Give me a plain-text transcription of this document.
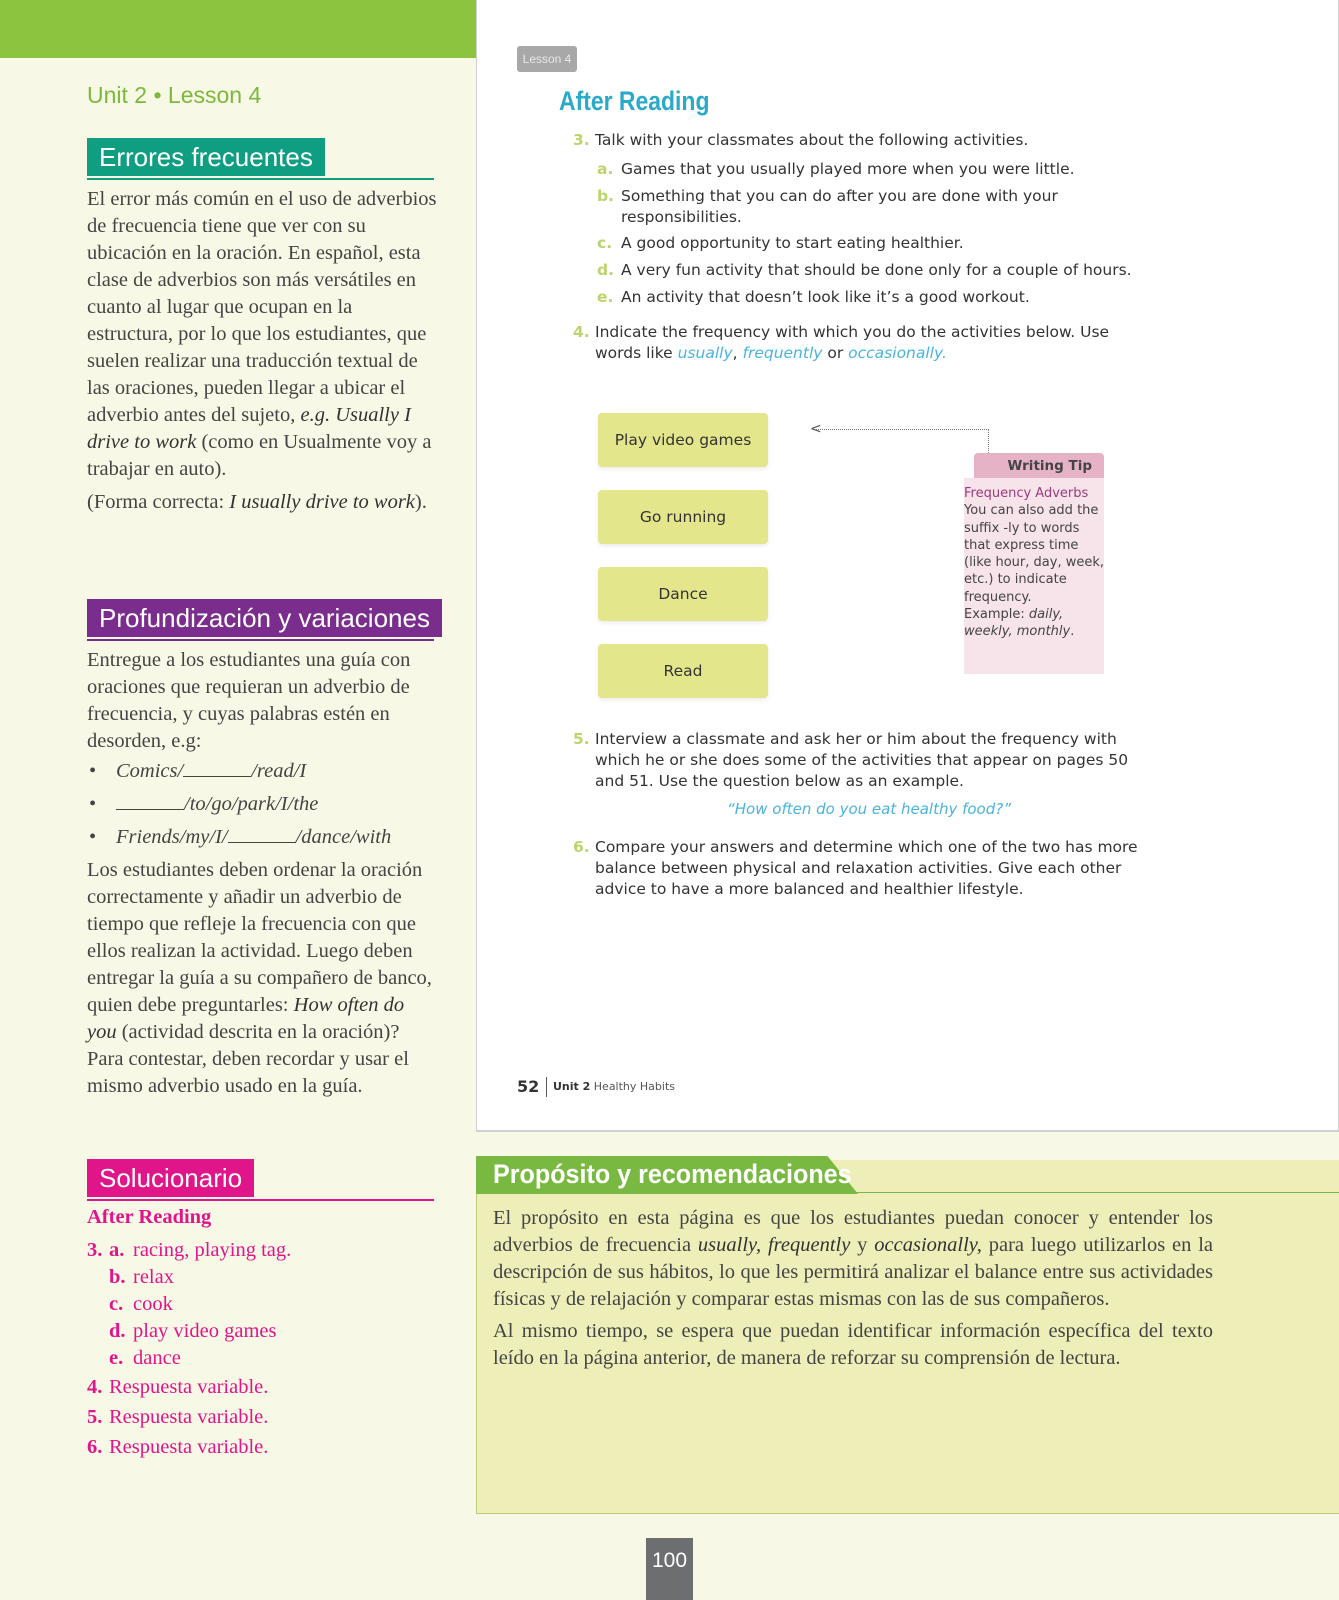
Unit 2 • Lesson 4
Errores frecuentes

El error más común en el uso de adverbios de frecuencia tiene que ver con su ubicación en la oración. En español, esta clase de adverbios son más versátiles en cuanto al lugar que ocupan en la estructura, por lo que los estudiantes, que suelen realizar una traducción textual de las oraciones, pueden llegar a ubicar el adverbio antes del sujeto, e.g. Usually I drive to work (como en Usualmente voy a trabajar en auto).

(Forma correcta: I usually drive to work).

Profundización y variaciones

Entregue a los estudiantes una guía con oraciones que requieran un adverbio de frecuencia, y cuyas palabras estén en desorden, e.g:

• Comics/	/read/I
• /to/go/park/I/the
• Friends/my/I/	/dance/with

Los estudiantes deben ordenar la oración correctamente y añadir un adverbio de tiempo que refleje la frecuencia con que ellos realizan la actividad. Luego deben entregar la guía a su compañero de banco, quien debe preguntarles: How often do you (actividad descrita en la oración)? Para contestar, deben recordar y usar el mismo adverbio usado en la guía.

Solucionario
After Reading
3. a. racing, playing tag.
b. relax
c. cook
d. play video games
e. dance
4. Respuesta variable.
5. Respuesta variable.
6. Respuesta variable.
Lesson 4
After Reading
3. Talk with your classmates about the following activities.
a. Games that you usually played more when you were little.
b. Something that you can do after you are done with your responsibilities.
c. A good opportunity to start eating healthier.
d. A very fun activity that should be done only for a couple of hours.
e. An activity that doesn’t look like it’s a good workout.
4. Indicate the frequency with which you do the activities below. Use words like usually, frequently or occasionally.
Play video games
Go running
Dance
Read
<
Writing Tip
Frequency Adverbs
You can also add the suffix -ly to words that express time (like hour, day, week, etc.) to indicate frequency.
Example: daily, weekly, monthly.
5. Interview a classmate and ask her or him about the frequency with which he or she does some of the activities that appear on pages 50 and 51. Use the question below as an example.
“How often do you eat healthy food?”
6. Compare your answers and determine which one of the two has more balance between physical and relaxation activities. Give each other advice to have a more balanced and healthier lifestyle.
52 Unit 2 Healthy Habits
Propósito y recomendaciones

El propósito en esta página es que los estudiantes puedan conocer y entender los adverbios de frecuencia usually, frequently y occasionally, para luego utilizarlos en la descripción de sus hábitos, lo que les permitirá analizar el balance entre sus actividades físicas y de relajación y comparar estas mismas con las de sus compañeros.

Al mismo tiempo, se espera que puedan identificar información específica del texto leído en la página anterior, de manera de reforzar su comprensión de lectura.

100
